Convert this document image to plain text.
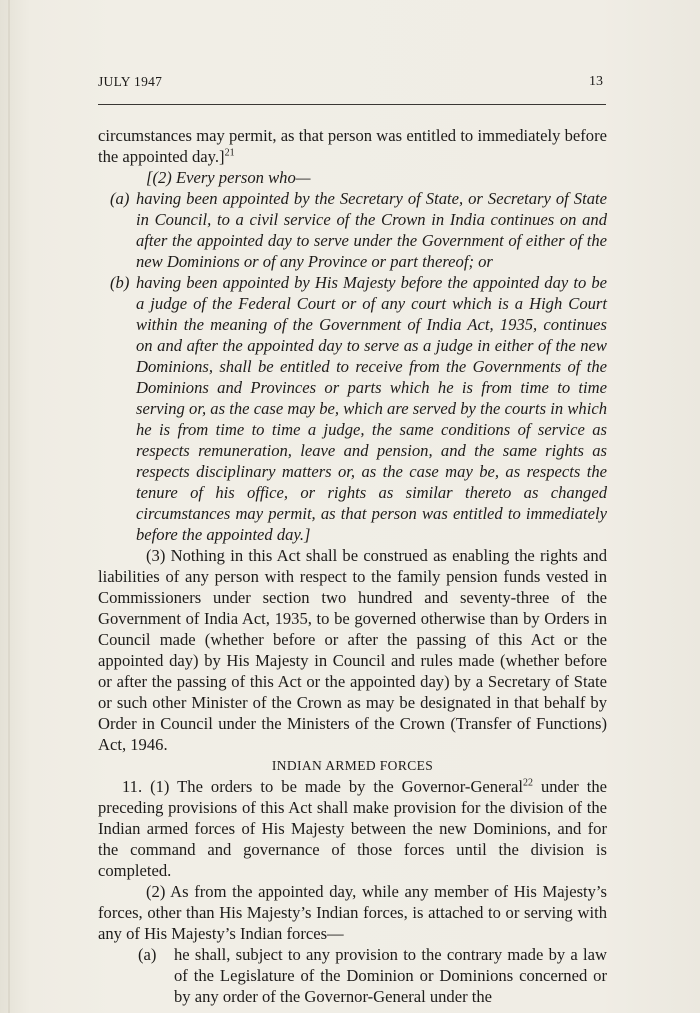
JULY 1947	13

circumstances may permit, as that person was entitled to immediately before the appointed day.]$^{21}$

[(2) Every person who—

(a) having been appointed by the Secretary of State, or Secretary of State in Council, to a civil service of the Crown in India continues on and after the appointed day to serve under the Government of either of the new Dominions or of any Province or part thereof; or

(b) having been appointed by His Majesty before the appointed day to be a judge of the Federal Court or of any court which is a High Court within the meaning of the Government of India Act, 1935, continues on and after the appointed day to serve as a judge in either of the new Dominions, shall be entitled to receive from the Governments of the Dominions and Provinces or parts which he is from time to time serving or, as the case may be, which are served by the courts in which he is from time to time a judge, the same conditions of service as respects remuneration, leave and pension, and the same rights as respects disciplinary matters or, as the case may be, as respects the tenure of his office, or rights as similar thereto as changed circumstances may permit, as that person was entitled to immediately before the appointed day.]

(3) Nothing in this Act shall be construed as enabling the rights and liabilities of any person with respect to the family pension funds vested in Commissioners under section two hundred and seventy-three of the Government of India Act, 1935, to be governed otherwise than by Orders in Council made (whether before or after the passing of this Act or the appointed day) by His Majesty in Council and rules made (whether before or after the passing of this Act or the appointed day) by a Secretary of State or such other Minister of the Crown as may be designated in that behalf by Order in Council under the Ministers of the Crown (Transfer of Functions) Act, 1946.

INDIAN ARMED FORCES

11. (1) The orders to be made by the Governor-General$^{22}$ under the preceding provisions of this Act shall make provision for the division of the Indian armed forces of His Majesty between the new Dominions, and for the command and governance of those forces until the division is completed.

(2) As from the appointed day, while any member of His Majesty’s forces, other than His Majesty’s Indian forces, is attached to or serving with any of His Majesty’s Indian forces—

(a) he shall, subject to any provision to the contrary made by a law of the Legislature of the Dominion or Dominions concerned or by any order of the Governor-General under the
